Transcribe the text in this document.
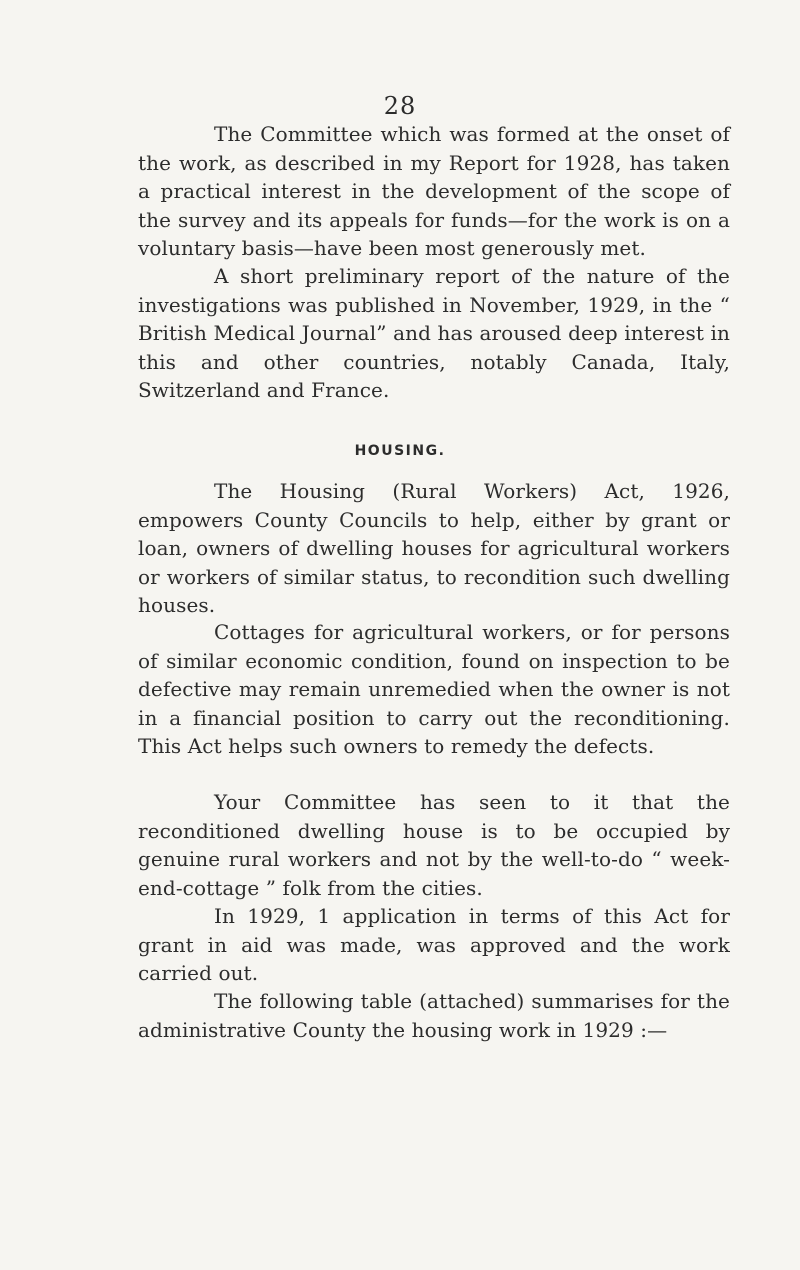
28

The Committee which was formed at the onset of the work, as described in my Report for 1928, has taken a practical interest in the development of the scope of the survey and its appeals for funds—for the work is on a voluntary basis—have been most generously met.

A short preliminary report of the nature of the investigations was published in November, 1929, in the “ British Medical Journal” and has aroused deep interest in this and other countries, notably Canada, Italy, Switzerland and France.

HOUSING.

The Housing (Rural Workers) Act, 1926, empowers County Councils to help, either by grant or loan, owners of dwelling houses for agricultural workers or workers of similar status, to recondition such dwelling houses.

Cottages for agricultural workers, or for persons of similar economic condition, found on inspection to be defective may remain unremedied when the owner is not in a financial position to carry out the reconditioning. This Act helps such owners to remedy the defects.

Your Committee has seen to it that the reconditioned dwelling house is to be occupied by genuine rural workers and not by the well-to-do “ week-end-cottage ” folk from the cities.

In 1929, 1 application in terms of this Act for grant in aid was made, was approved and the work carried out.

The following table (attached) summarises for the administrative County the housing work in 1929 :—
